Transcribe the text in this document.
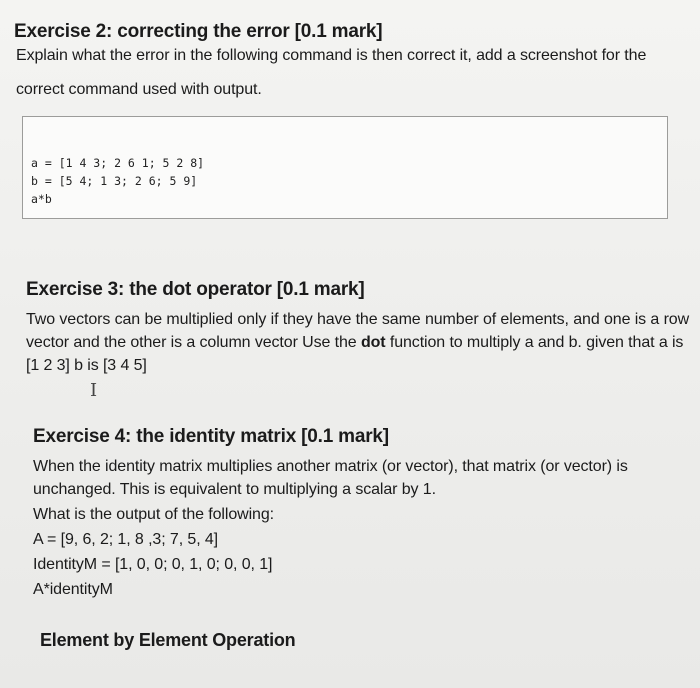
Exercise 2: correcting the error [0.1 mark]
Explain what the error in the following command is then correct it, add a screenshot for the
correct command used with output.
a = [1 4 3; 2 6 1; 5 2 8]
b = [5 4; 1 3; 2 6; 5 9]
a*b
Exercise 3: the dot operator [0.1 mark]
Two vectors can be multiplied only if they have the same number of elements, and one is a row
vector and the other is a column vector Use the dot function to multiply a and b. given that a is
[1 2 3] b is [3 4 5]
I
Exercise 4: the identity matrix [0.1 mark]
When the identity matrix multiplies another matrix (or vector), that matrix (or vector) is
unchanged. This is equivalent to multiplying a scalar by 1.
What is the output of the following:
A = [9, 6, 2; 1, 8 ,3; 7, 5, 4]
IdentityM = [1, 0, 0; 0, 1, 0; 0, 0, 1]
A*identityM
Element by Element Operation
